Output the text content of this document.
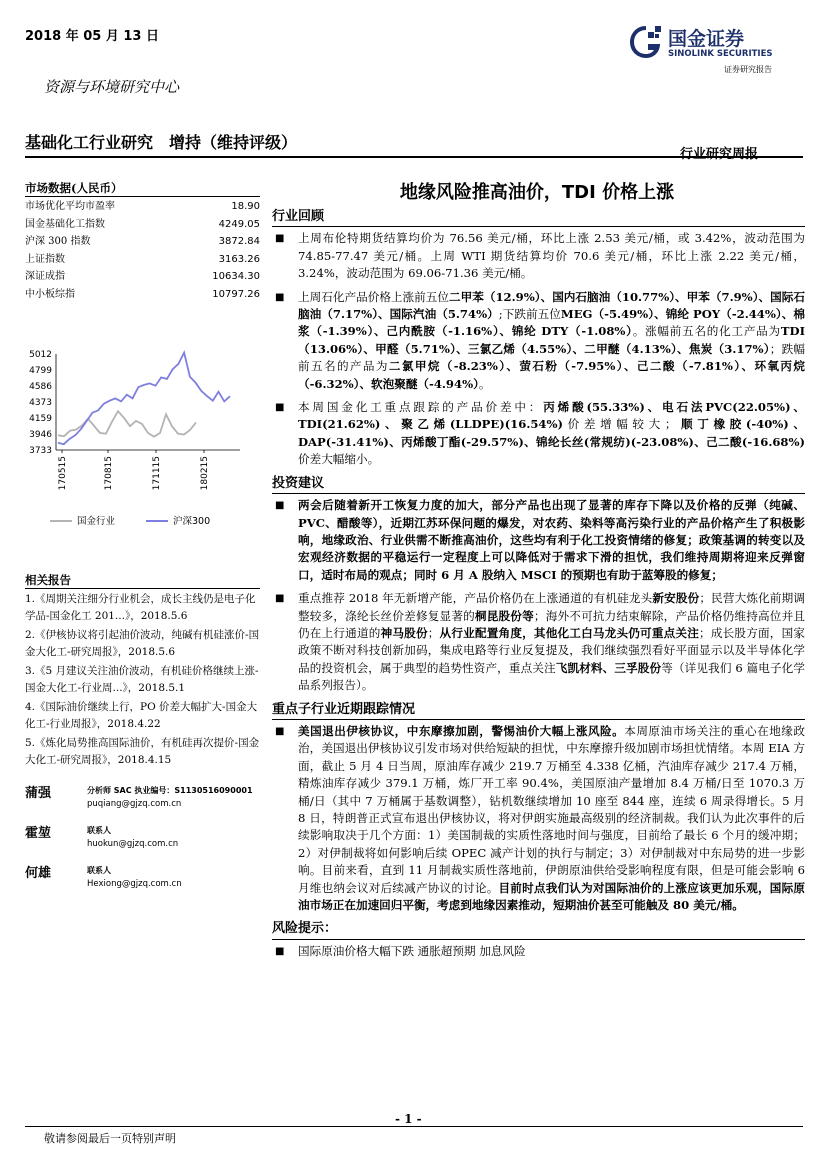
2018 年 05 月 13 日	国金证券
SINOLINK SECURITIES
证券研究报告
资源与环境研究中心
基础化工行业研究　增持（维持评级）
行业研究周报
地缘风险推高油价，TDI 价格上涨
市场数据(人民币）
市场优化平均市盈率	18.90
国金基础化工指数	4249.05
沪深 300 指数	3872.84
上证指数	3163.26
深证成指	10634.30
中小板综指	10797.26
5012
4799
4586
4373
4159
3946
3733
170515	170815	171115	180215
国金行业	沪深300
相关报告
1.《周期关注细分行业机会，成长主线仍是电子化学品-国金化工 201...》，2018.5.6
2.《伊核协议将引起油价波动，纯碱有机硅涨价-国金大化工-研究周报》，2018.5.6
3.《5 月建议关注油价波动，有机硅价格继续上涨-国金大化工-行业周...》，2018.5.1
4.《国际油价继续上行，PO 价差大幅扩大-国金大化工-行业周报》，2018.4.22
5.《炼化局势推高国际油价，有机硅再次提价-国金大化工-研究周报》，2018.4.15
蒲强	分析师 SAC 执业编号：S1130516090001
puqiang@gjzq.com.cn
霍堃	联系人
huokun@gjzq.com.cn
何雄	联系人
Hexiong@gjzq.com.cn
行业回顾
■ 上周布伦特期货结算均价为 76.56 美元/桶，环比上涨 2.53 美元/桶，或 3.42%，波动范围为 74.85-77.47 美元/桶。上周 WTI 期货结算均价 70.6 美元/桶，环比上涨 2.22 美元/桶，3.24%，波动范围为 69.06-71.36 美元/桶。
■ 上周石化产品价格上涨前五位二甲苯（12.9%）、国内石脑油（10.77%）、甲苯（7.9%）、国际石脑油（7.17%）、国际汽油（5.74%）;下跌前五位MEG（-5.49%）、锦纶 POY（-2.44%）、棉浆（-1.39%）、己内酰胺（-1.16%）、锦纶 DTY（-1.08%）。涨幅前五名的化工产品为TDI（13.06%）、甲醛（5.71%）、三氯乙烯（4.55%）、二甲醚（4.13%）、焦炭（3.17%）；跌幅前五名的产品为二氯甲烷（-8.23%）、萤石粉（-7.95%）、己二酸（-7.81%）、环氧丙烷（-6.32%）、软泡聚醚（-4.94%）。
■ 本周国金化工重点跟踪的产品价差中：丙烯酸(55.33%)、电石法PVC(22.05%)、TDI(21.62%)、聚乙烯(LLDPE)(16.54%)价差增幅较大；顺丁橡胶(-40%)、DAP(-31.41%)、丙烯酸丁酯(-29.57%)、锦纶长丝(常规纺)(-23.08%)、己二酸(-16.68%)价差大幅缩小。
投资建议
■ 两会后随着新开工恢复力度的加大，部分产品也出现了显著的库存下降以及价格的反弹（纯碱、PVC、醋酸等），近期江苏环保问题的爆发，对农药、染料等高污染行业的产品价格产生了积极影响，地缘政治、行业供需不断推高油价，这些均有利于化工投资情绪的修复；政策基调的转变以及宏观经济数据的平稳运行一定程度上可以降低对于需求下滑的担忧，我们维持周期将迎来反弹窗口，适时布局的观点；同时 6 月 A 股纳入 MSCI 的预期也有助于蓝筹股的修复；
■ 重点推荐 2018 年无新增产能，产品价格仍在上涨通道的有机硅龙头新安股份；民营大炼化前期调整较多，涤纶长丝价差修复显著的桐昆股份等；海外不可抗力结束解除，产品价格仍维持高位并且仍在上行通道的神马股份；从行业配置角度，其他化工白马龙头仍可重点关注；成长股方面，国家政策不断对科技创新加码，集成电路等行业反复提及，我们继续强烈看好平面显示以及半导体化学品的投资机会，属于典型的趋势性资产，重点关注飞凯材料、三孚股份等（详见我们 6 篇电子化学品系列报告）。
重点子行业近期跟踪情况
■ 美国退出伊核协议，中东摩擦加剧，警惕油价大幅上涨风险。本周原油市场关注的重心在地缘政治，美国退出伊核协议引发市场对供给短缺的担忧，中东摩擦升级加剧市场担忧情绪。本周 EIA 方面，截止 5 月 4 日当周，原油库存减少 219.7 万桶至 4.338 亿桶，汽油库存减少 217.4 万桶，精炼油库存减少 379.1 万桶，炼厂开工率 90.4%，美国原油产量增加 8.4 万桶/日至 1070.3 万桶/日（其中 7 万桶属于基数调整），钻机数继续增加 10 座至 844 座，连续 6 周录得增长。5 月 8 日，特朗普正式宣布退出伊核协议，将对伊朗实施最高级别的经济制裁。我们认为此次事件的后续影响取决于几个方面：1）美国制裁的实质性落地时间与强度，目前给了最长 6 个月的缓冲期；2）对伊制裁将如何影响后续 OPEC 减产计划的执行与制定；3）对伊制裁对中东局势的进一步影响。目前来看，直到 11 月制裁实质性落地前，伊朗原油供给受影响程度有限，但是可能会影响 6 月维也纳会议对后续减产协议的讨论。目前时点我们认为对国际油价的上涨应该更加乐观，国际原油市场正在加速回归平衡，考虑到地缘因素推动，短期油价甚至可能触及 80 美元/桶。
风险提示：
■ 国际原油价格大幅下跌 通胀超预期 加息风险
- 1 -
敬请参阅最后一页特别声明
